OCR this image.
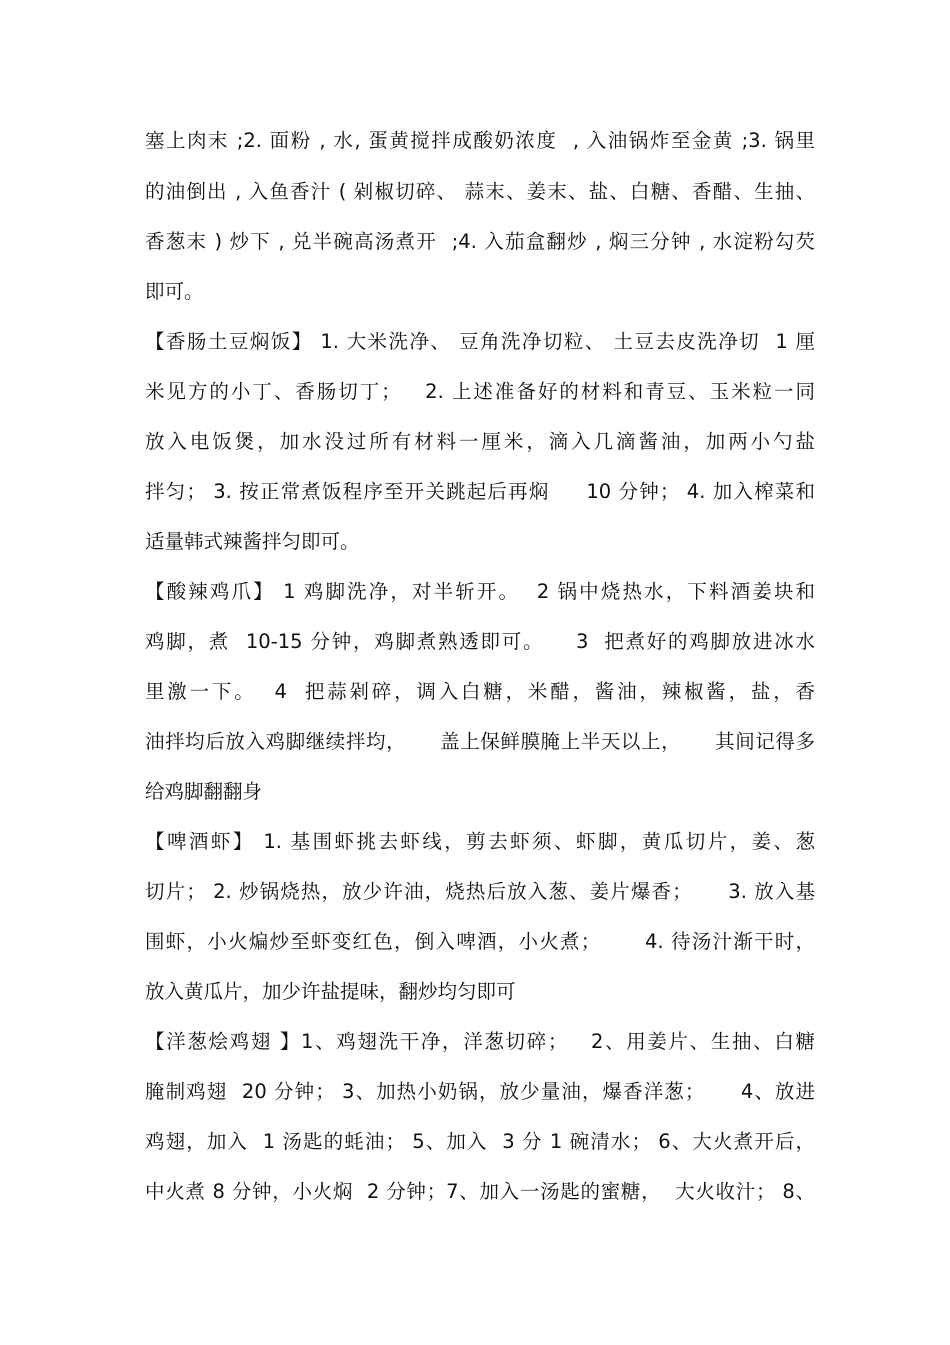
塞上肉末 ;2. 面粉 , 水, 蛋黄搅拌成酸奶浓度  , 入油锅炸至金黄 ;3. 锅里
的油倒出 , 入鱼香汁 ( 剁椒切碎、 蒜末、姜末、盐、白糖、香醋、生抽、
香葱末 ) 炒下 , 兑半碗高汤煮开  ;4. 入茄盒翻炒 , 焖三分钟 , 水淀粉勾芡
即可。
【香肠土豆焖饭】 1. 大米洗净、 豆角洗净切粒、 土豆去皮洗净切  1 厘
米见方的小丁、香肠切丁；   2. 上述准备好的材料和青豆、玉米粒一同
放入电饭煲，加水没过所有材料一厘米，滴入几滴酱油，加两小勺盐
拌匀； 3. 按正常煮饭程序至开关跳起后再焖     10 分钟； 4. 加入榨菜和
适量韩式辣酱拌匀即可。
【酸辣鸡爪】 1 鸡脚洗净，对半斩开。  2 锅中烧热水，下料酒姜块和
鸡脚，煮  10-15 分钟，鸡脚煮熟透即可。    3  把煮好的鸡脚放进冰水
里激一下。  4  把蒜剁碎，调入白糖，米醋，酱油，辣椒酱，盐，香
油拌均后放入鸡脚继续拌均，     盖上保鲜膜腌上半天以上，     其间记得多
给鸡脚翻翻身
【啤酒虾】 1. 基围虾挑去虾线，剪去虾须、虾脚，黄瓜切片，姜、葱
切片； 2. 炒锅烧热，放少许油，烧热后放入葱、姜片爆香；     3. 放入基
围虾，小火煸炒至虾变红色，倒入啤酒，小火煮；      4. 待汤汁渐干时，
放入黄瓜片，加少许盐提味，翻炒均匀即可
【洋葱烩鸡翅 】1、鸡翅洗干净，洋葱切碎；   2、用姜片、生抽、白糖
腌制鸡翅  20 分钟； 3、加热小奶锅，放少量油，爆香洋葱；     4、放进
鸡翅，加入  1 汤匙的蚝油； 5、加入  3 分 1 碗清水； 6、大火煮开后，
中火煮 8 分钟，小火焖  2 分钟；7、加入一汤匙的蜜糖，  大火收汁； 8、
